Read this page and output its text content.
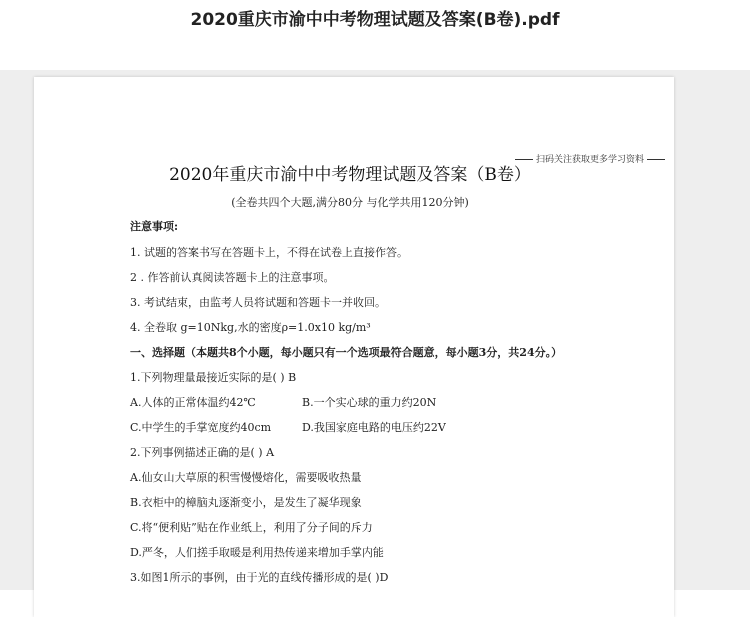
2020重庆市渝中中考物理试题及答案(B卷).pdf
扫码关注获取更多学习资料
2020年重庆市渝中中考物理试题及答案（B卷）
(全卷共四个大题,满分80分 与化学共用120分钟)
注意事项:
1. 试题的答案书写在答题卡上，不得在试卷上直接作答。
2 . 作答前认真阅读答题卡上的注意事项。
3. 考试结束，由监考人员将试题和答题卡一并收回。
4. 全卷取 g=10Nkg,水的密度ρ=1.0x10 kg/m³
一、选择题（本题共8个小题，每小题只有一个选项最符合题意，每小题3分，共24分。）
1.下列物理量最接近实际的是( ) B
A.人体的正常体温约42℃	B.一个实心球的重力约20N
C.中学生的手掌宽度约40cm	D.我国家庭电路的电压约22V
2.下列事例描述正确的是( ) A
A.仙女山大草原的积雪慢慢熔化，需要吸收热量
B.衣柜中的樟脑丸逐渐变小，是发生了凝华现象
C.将“便利贴”贴在作业纸上，利用了分子间的斥力
D.严冬，人们搓手取暖是利用热传递来增加手掌内能
3.如图1所示的事例，由于光的直线传播形成的是( )D
